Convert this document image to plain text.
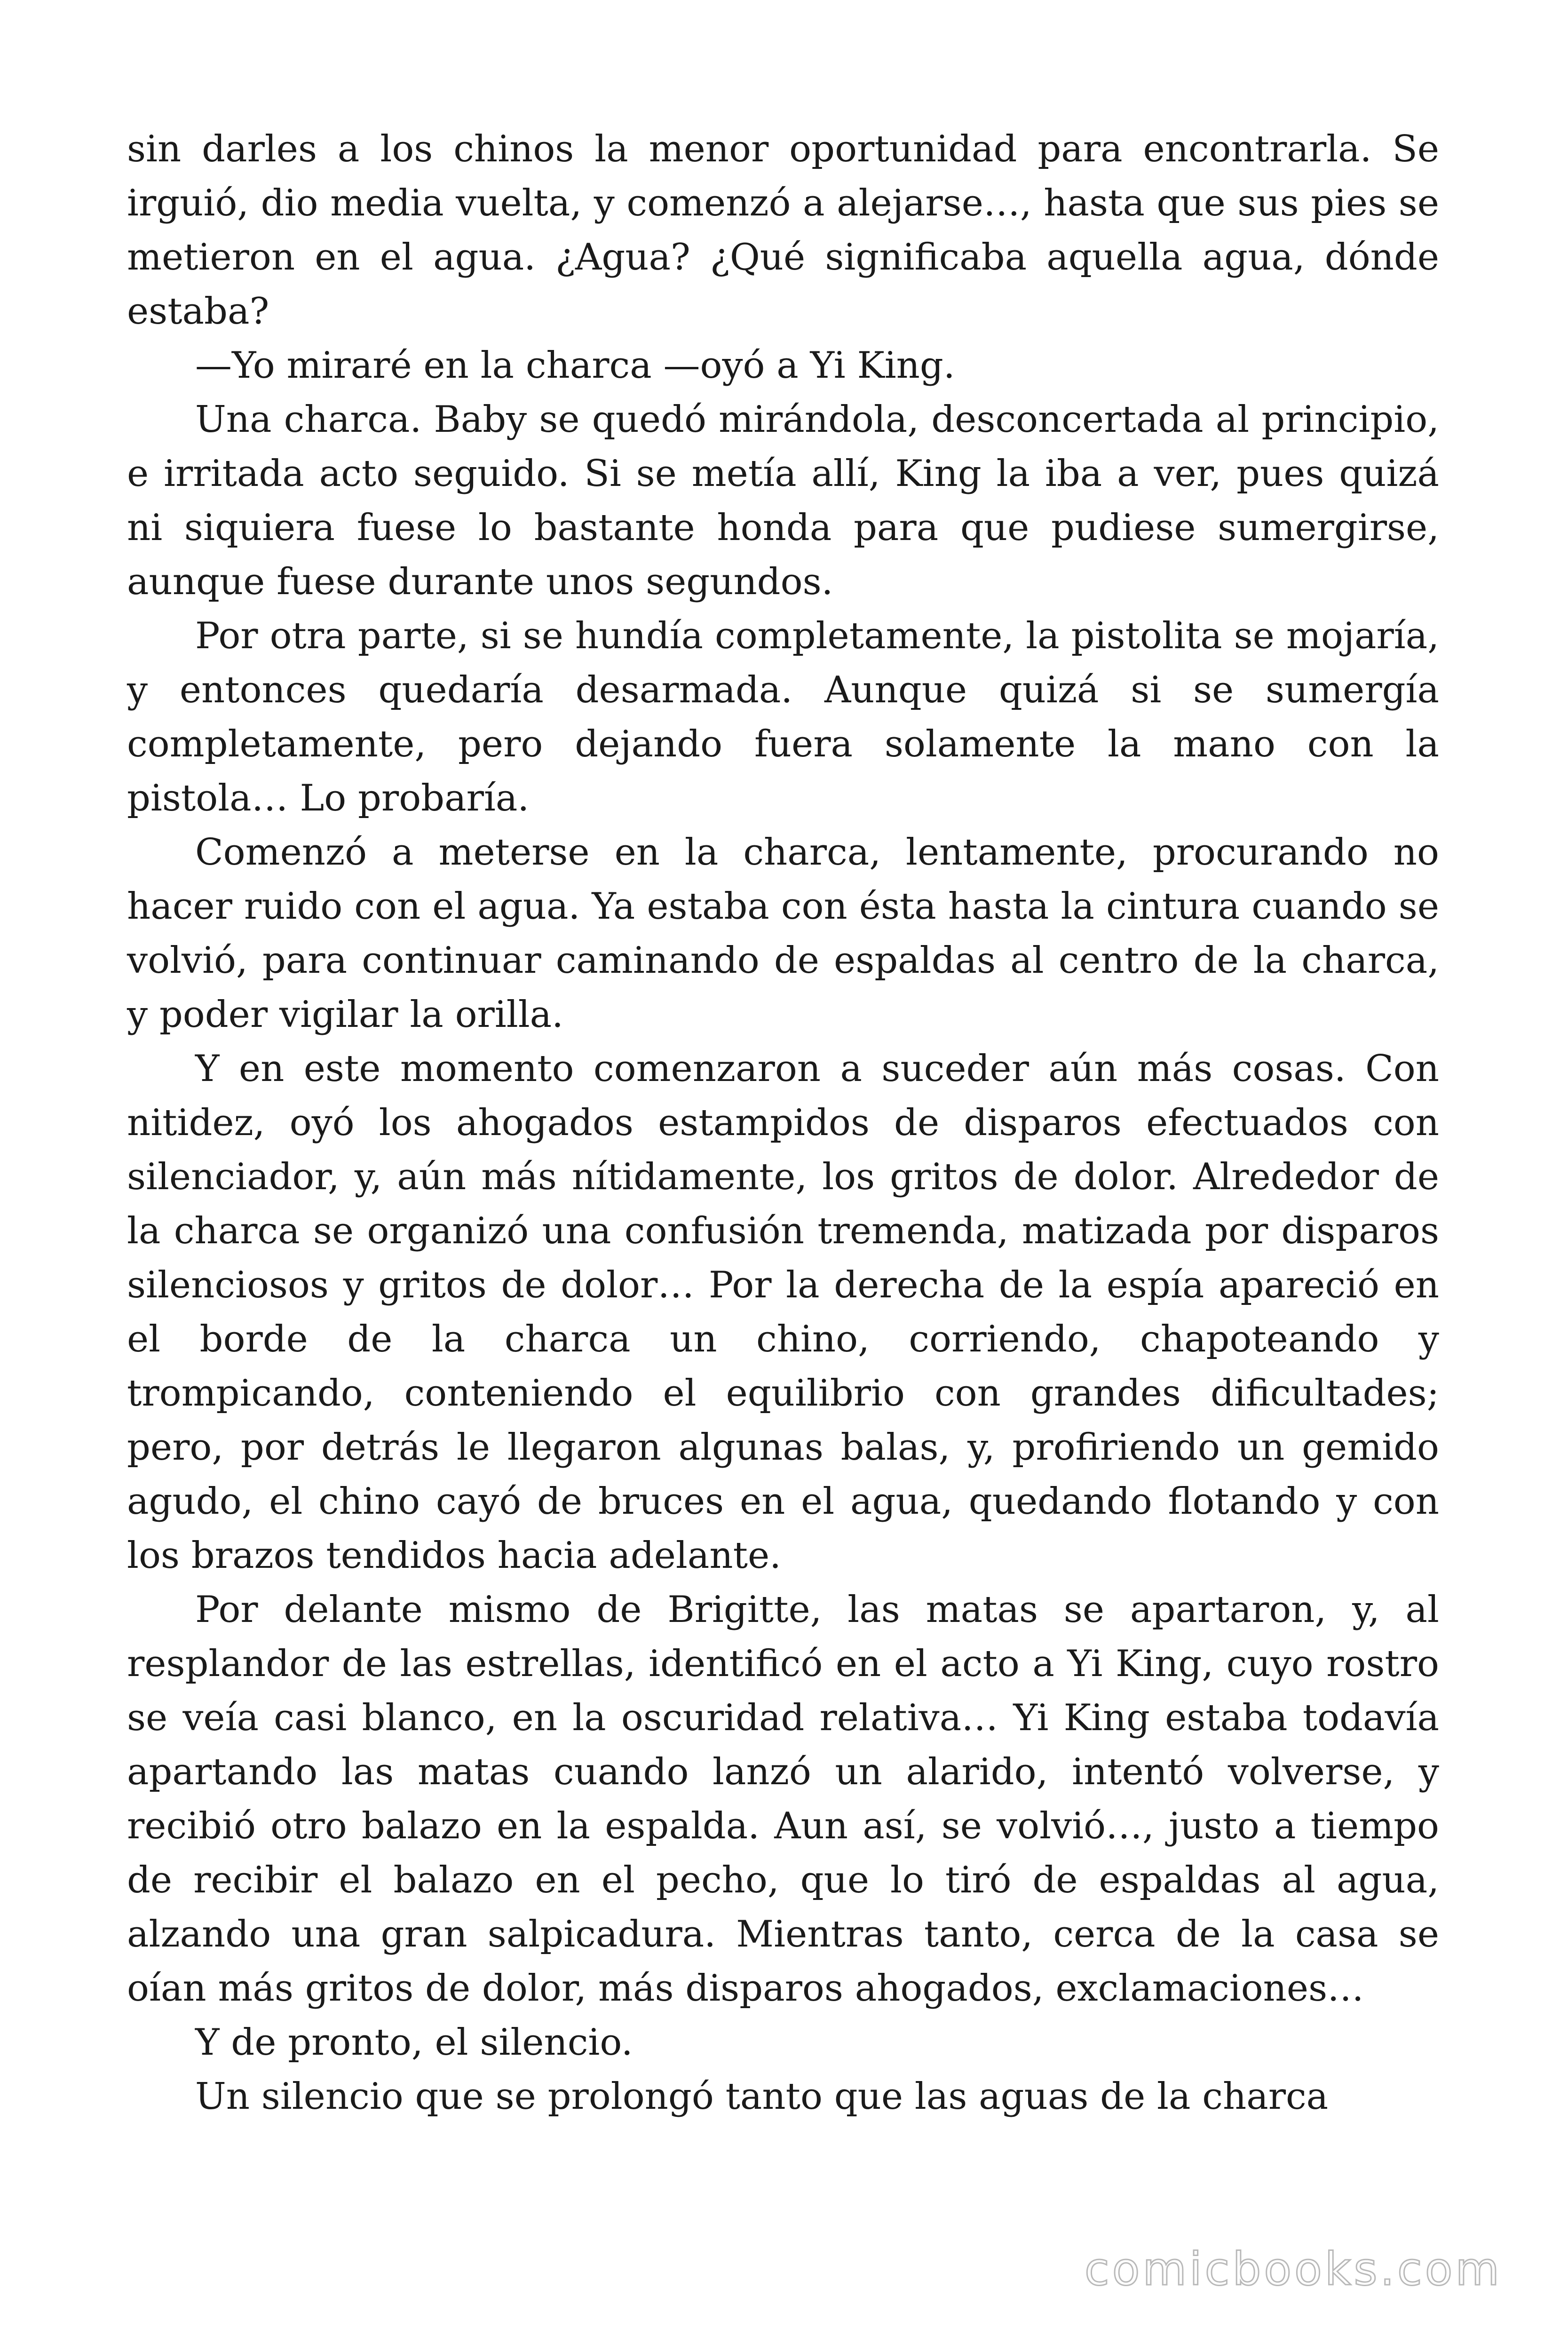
sin darles a los chinos la menor oportunidad para encontrarla. Se irguió, dio media vuelta, y comenzó a alejarse…, hasta que sus pies se metieron en el agua. ¿Agua? ¿Qué significaba aquella agua, dónde estaba?

—Yo miraré en la charca —oyó a Yi King.

Una charca. Baby se quedó mirándola, desconcertada al principio, e irritada acto seguido. Si se metía allí, King la iba a ver, pues quizá ni siquiera fuese lo bastante honda para que pudiese sumergirse, aunque fuese durante unos segundos.

Por otra parte, si se hundía completamente, la pistolita se mojaría, y entonces quedaría desarmada. Aunque quizá si se sumergía completamente, pero dejando fuera solamente la mano con la pistola… Lo probaría.

Comenzó a meterse en la charca, lentamente, procurando no hacer ruido con el agua. Ya estaba con ésta hasta la cintura cuando se volvió, para continuar caminando de espaldas al centro de la charca, y poder vigilar la orilla.

Y en este momento comenzaron a suceder aún más cosas. Con nitidez, oyó los ahogados estampidos de disparos efectuados con silenciador, y, aún más nítidamente, los gritos de dolor. Alrededor de la charca se organizó una confusión tremenda, matizada por disparos silenciosos y gritos de dolor… Por la derecha de la espía apareció en el borde de la charca un chino, corriendo, chapoteando y trompicando, conteniendo el equilibrio con grandes dificultades; pero, por detrás le llegaron algunas balas, y, profiriendo un gemido agudo, el chino cayó de bruces en el agua, quedando flotando y con los brazos tendidos hacia adelante.

Por delante mismo de Brigitte, las matas se apartaron, y, al resplandor de las estrellas, identificó en el acto a Yi King, cuyo rostro se veía casi blanco, en la oscuridad relativa… Yi King estaba todavía apartando las matas cuando lanzó un alarido, intentó volverse, y recibió otro balazo en la espalda. Aun así, se volvió…, justo a tiempo de recibir el balazo en el pecho, que lo tiró de espaldas al agua, alzando una gran salpicadura. Mientras tanto, cerca de la casa se oían más gritos de dolor, más disparos ahogados, exclamaciones…

Y de pronto, el silencio.

Un silencio que se prolongó tanto que las aguas de la charca

comicbooks.com
